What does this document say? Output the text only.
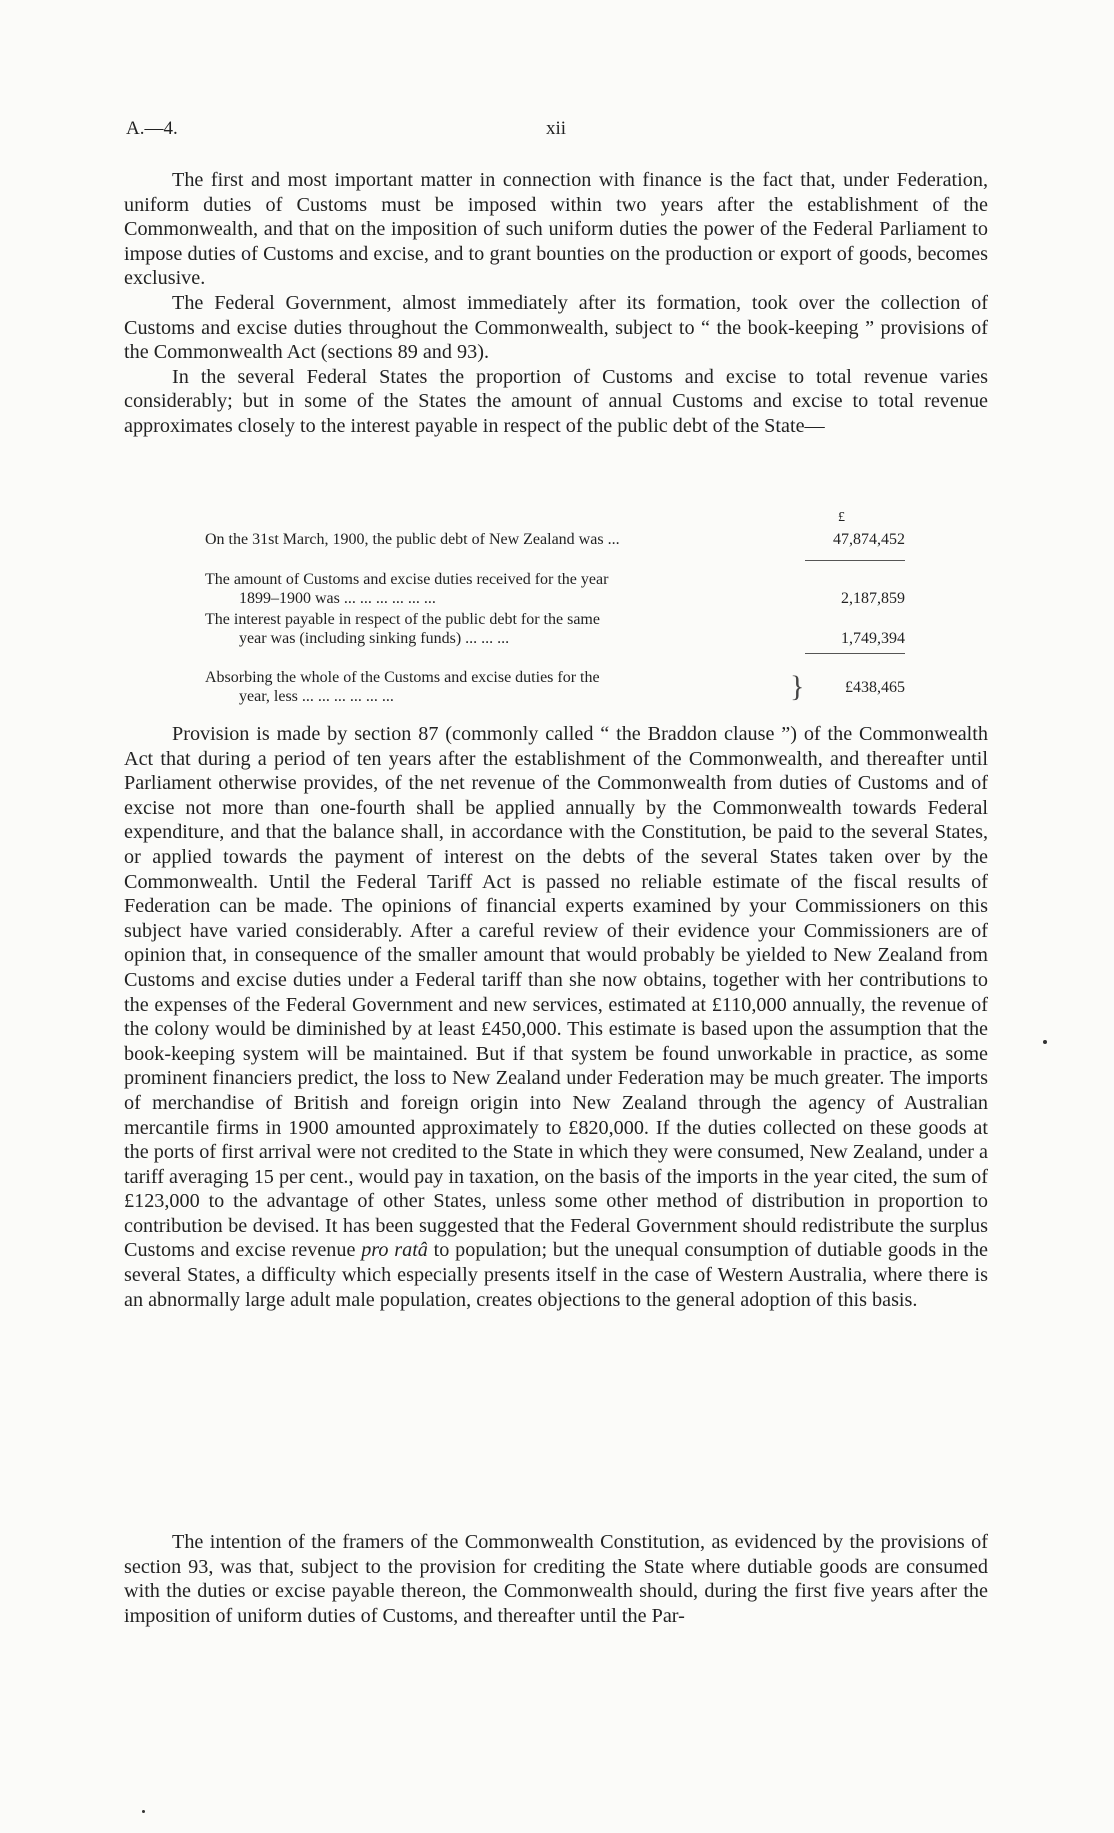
A.—4.	xii

The first and most important matter in connection with finance is the fact that, under Federation, uniform duties of Customs must be imposed within two years after the establishment of the Commonwealth, and that on the imposition of such uniform duties the power of the Federal Parliament to impose duties of Customs and excise, and to grant bounties on the production or export of goods, becomes exclusive.

The Federal Government, almost immediately after its formation, took over the collection of Customs and excise duties throughout the Commonwealth, subject to “ the book-keeping ” provisions of the Commonwealth Act (sections 89 and 93).

In the several Federal States the proportion of Customs and excise to total revenue varies considerably; but in some of the States the amount of annual Customs and excise to total revenue approximates closely to the interest payable in respect of the public debt of the State—

£
On the 31st March, 1900, the public debt of New Zealand was ...	47,874,452
The amount of Customs and excise duties received for the year
1899–1900 was ... ... ... ... ... ...	2,187,859
The interest payable in respect of the public debt for the same
year was (including sinking funds) ... ... ...	1,749,394
Absorbing the whole of the Customs and excise duties for the
year, less ... ... ... ... ... ...	}	£438,465

Provision is made by section 87 (commonly called “ the Braddon clause ”) of the Commonwealth Act that during a period of ten years after the establishment of the Commonwealth, and thereafter until Parliament otherwise provides, of the net revenue of the Commonwealth from duties of Customs and of excise not more than one-fourth shall be applied annually by the Commonwealth towards Federal expenditure, and that the balance shall, in accordance with the Constitution, be paid to the several States, or applied towards the payment of interest on the debts of the several States taken over by the Commonwealth. Until the Federal Tariff Act is passed no reliable estimate of the fiscal results of Federation can be made. The opinions of financial experts examined by your Commissioners on this subject have varied considerably. After a careful review of their evidence your Commissioners are of opinion that, in consequence of the smaller amount that would probably be yielded to New Zealand from Customs and excise duties under a Federal tariff than she now obtains, together with her contributions to the expenses of the Federal Government and new services, estimated at £110,000 annually, the revenue of the colony would be diminished by at least £450,000. This estimate is based upon the assumption that the book-keeping system will be maintained. But if that system be found unworkable in practice, as some prominent financiers predict, the loss to New Zealand under Federation may be much greater. The imports of merchandise of British and foreign origin into New Zealand through the agency of Australian mercantile firms in 1900 amounted approximately to £820,000. If the duties collected on these goods at the ports of first arrival were not credited to the State in which they were consumed, New Zealand, under a tariff averaging 15 per cent., would pay in taxation, on the basis of the imports in the year cited, the sum of £123,000 to the advantage of other States, unless some other method of distribution in proportion to contribution be devised. It has been suggested that the Federal Government should redistribute the surplus Customs and excise revenue pro ratâ to population; but the unequal consumption of dutiable goods in the several States, a difficulty which especially presents itself in the case of Western Australia, where there is an abnormally large adult male population, creates objections to the general adoption of this basis.

The intention of the framers of the Commonwealth Constitution, as evidenced by the provisions of section 93, was that, subject to the provision for crediting the State where dutiable goods are consumed with the duties or excise payable thereon, the Commonwealth should, during the first five years after the imposition of uniform duties of Customs, and thereafter until the Par-
